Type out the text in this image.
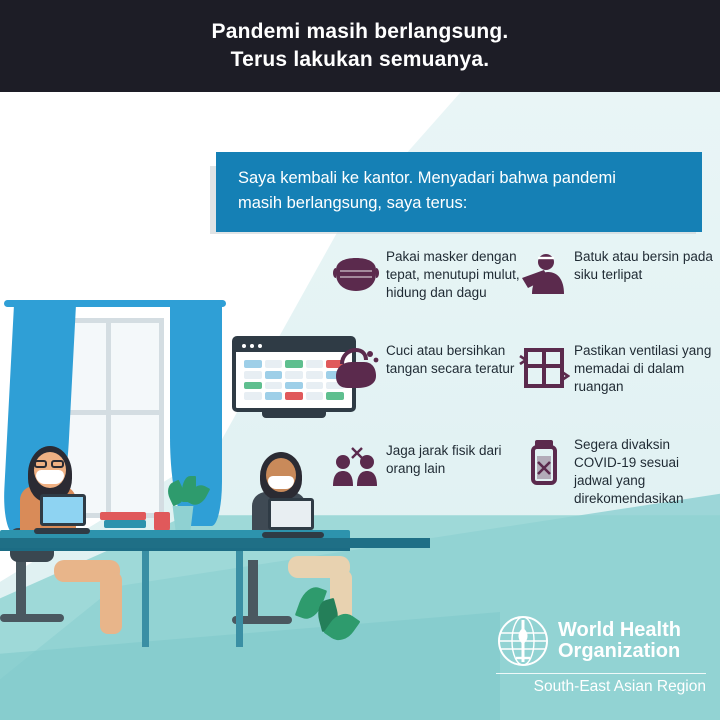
Pandemi masih berlangsung.
Terus lakukan semuanya.
Saya kembali ke kantor. Menyadari bahwa pandemi
masih berlangsung, saya terus:
Pakai masker dengan tepat, menutupi mulut, hidung dan dagu
Batuk atau bersin pada siku terlipat
Cuci atau bersihkan tangan secara teratur
Pastikan ventilasi yang memadai di dalam ruangan
Jaga jarak fisik dari orang lain
Segera divaksin COVID-19 sesuai jadwal yang direkomendasikan
World Health
Organization
South-East Asian Region
